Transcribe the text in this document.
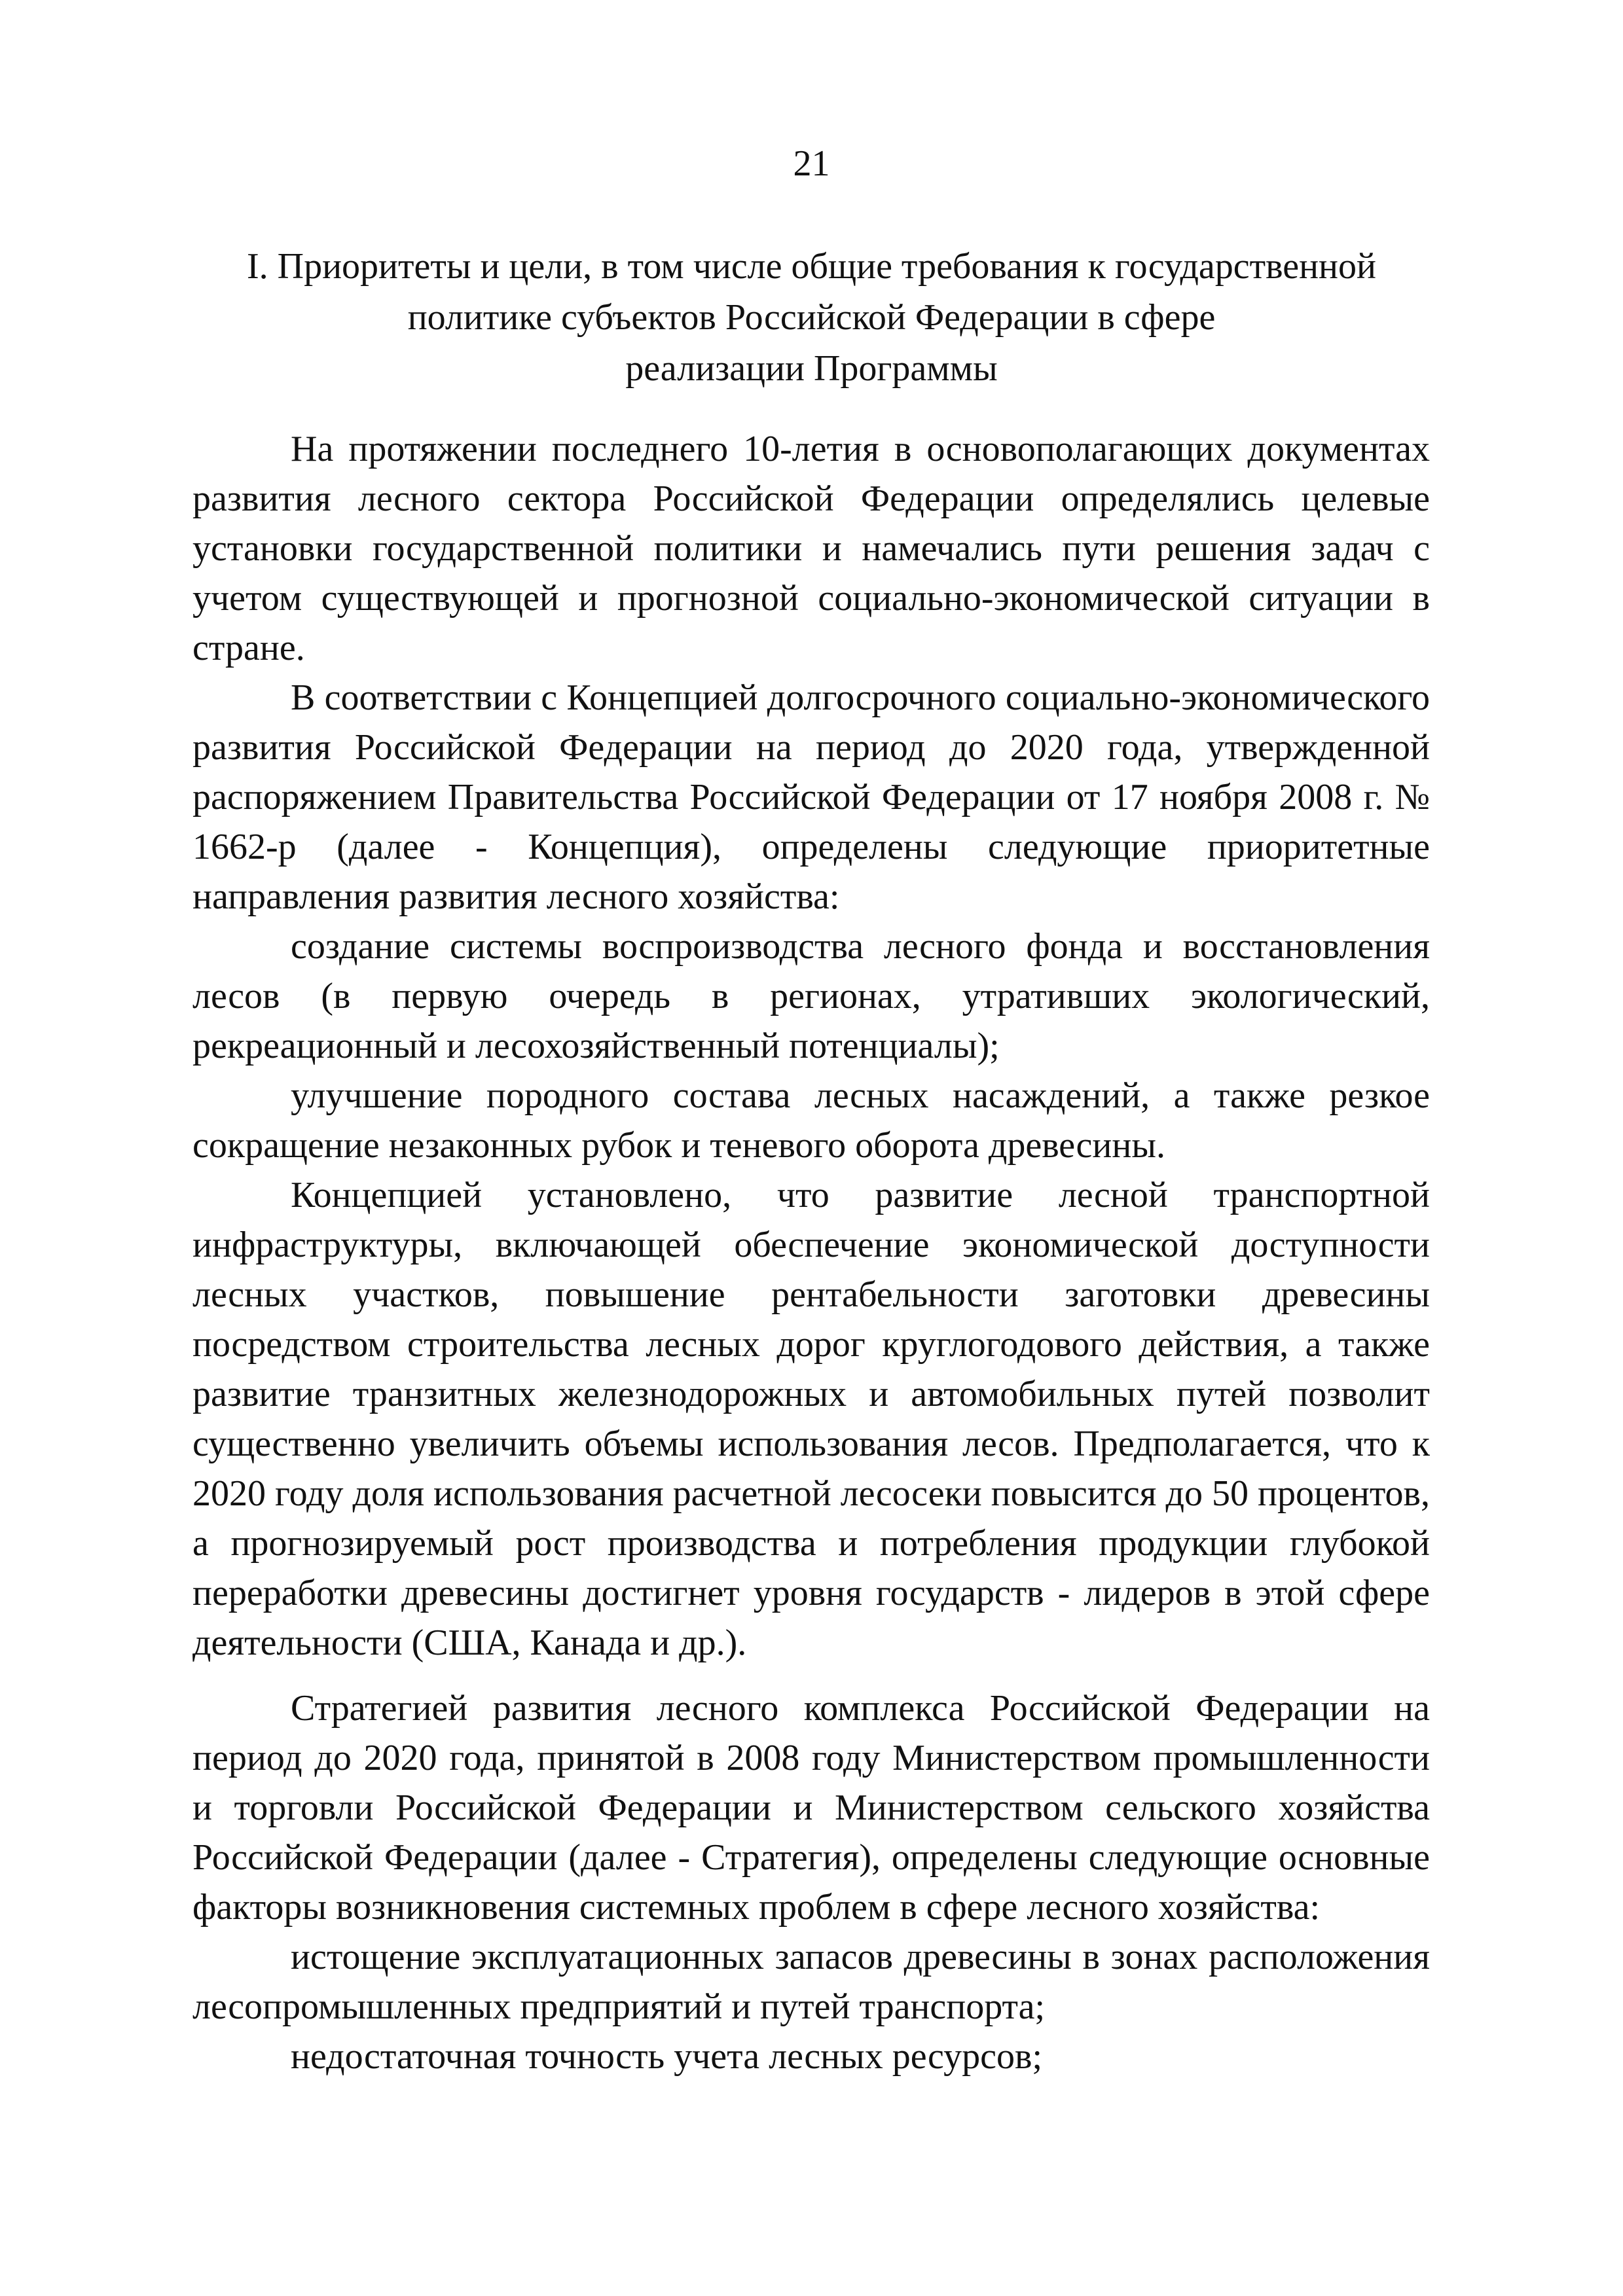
21
I. Приоритеты и цели, в том числе общие требования к государственной
политике субъектов Российской Федерации в сфере
реализации Программы

На протяжении последнего 10-летия в основополагающих документах развития лесного сектора Российской Федерации определялись целевые установки государственной политики и намечались пути решения задач с учетом существующей и прогнозной социально-экономической ситуации в стране.

В соответствии с Концепцией долгосрочного социально-экономического развития Российской Федерации на период до 2020 года, утвержденной распоряжением Правительства Российской Федерации от 17 ноября 2008 г. № 1662-р (далее - Концепция), определены следующие приоритетные направления развития лесного хозяйства:

создание системы воспроизводства лесного фонда и восстановления лесов (в первую очередь в регионах, утративших экологический, рекреационный и лесохозяйственный потенциалы);

улучшение породного состава лесных насаждений, а также резкое сокращение незаконных рубок и теневого оборота древесины.

Концепцией установлено, что развитие лесной транспортной инфраструктуры, включающей обеспечение экономической доступности лесных участков, повышение рентабельности заготовки древесины посредством строительства лесных дорог круглогодового действия, а также развитие транзитных железнодорожных и автомобильных путей позволит существенно увеличить объемы использования лесов. Предполагается, что к 2020 году доля использования расчетной лесосеки повысится до 50 процентов, а прогнозируемый рост производства и потребления продукции глубокой переработки древесины достигнет уровня государств - лидеров в этой сфере деятельности (США, Канада и др.).

Стратегией развития лесного комплекса Российской Федерации на период до 2020 года, принятой в 2008 году Министерством промышленности и торговли Российской Федерации и Министерством сельского хозяйства Российской Федерации (далее - Стратегия), определены следующие основные факторы возникновения системных проблем в сфере лесного хозяйства:

истощение эксплуатационных запасов древесины в зонах расположения лесопромышленных предприятий и путей транспорта;

недостаточная точность учета лесных ресурсов;
